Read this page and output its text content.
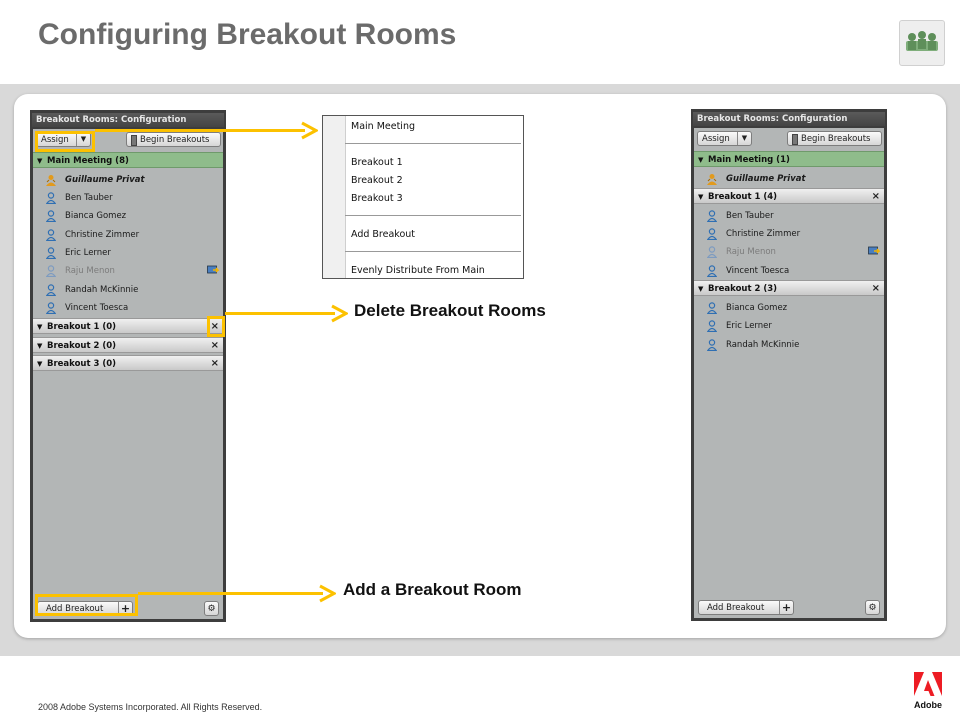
Configuring Breakout Rooms
Breakout Rooms: Configuration
Assign	▼	Begin Breakouts
▼ Main Meeting (8)
Guillaume Privat
Ben Tauber
Bianca Gomez
Christine Zimmer
Eric Lerner
Raju Menon
Randah McKinnie
Vincent Toesca
▼ Breakout 1 (0)	×
▼ Breakout 2 (0)	×
▼ Breakout 3 (0)	×
Add Breakout +	⚙
Main Meeting
Breakout 1
Breakout 2
Breakout 3
Add Breakout
Evenly Distribute From Main
Delete Breakout Rooms
Add a Breakout Room
Breakout Rooms: Configuration
Assign	▼	Begin Breakouts
▼ Main Meeting (1)
Guillaume Privat
▼ Breakout 1 (4)	×
Ben Tauber
Christine Zimmer
Raju Menon
Vincent Toesca
▼ Breakout 2 (3)	×
Bianca Gomez
Eric Lerner
Randah McKinnie
Add Breakout +	⚙
2008 Adobe Systems Incorporated. All Rights Reserved.	Adobe
